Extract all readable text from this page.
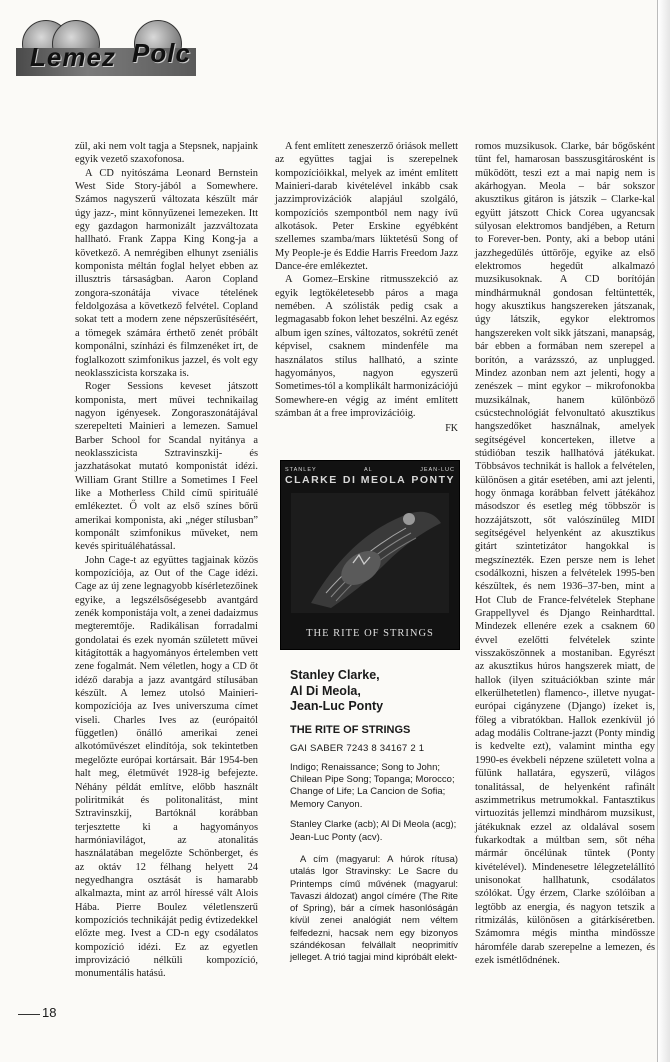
Lemez Polc

zül, aki nem volt tagja a Stepsnek, napjaink egyik vezető szaxofonosa.

A CD nyitószáma Leonard Bernstein West Side Story-jából a Somewhere. Számos nagyszerű változata készült már úgy jazz-, mint könnyűzenei lemezeken. Itt egy gazdagon harmonizált jazzváltozata hallható. Frank Zappa King Kong-ja a következő. A nemrégiben elhunyt zseniális komponista méltán foglal helyet ebben az illusztris társaságban. Aaron Copland zongora-szonátája vivace tételének feldolgozása a következő felvétel. Copland sokat tett a modern zene népszerűsítéséért, a tömegek számára érthető zenét próbált komponálni, színházi és filmzenéket írt, de foglalkozott szimfonikus jazzel, és volt egy neoklasszicista korszaka is.

Roger Sessions keveset játszott komponista, mert művei technikailag nagyon igényesek. Zongoraszonátájával szerepelteti Mainieri a lemezen. Samuel Barber School for Scandal nyitánya a neoklasszicista Sztravinszkij- és jazzhatásokat mutató komponistát idézi. William Grant Stillre a Sometimes I Feel like a Motherless Child című spirituálé emlékeztet. Ő volt az első színes bőrű amerikai komponista, aki „néger stílusban” komponált szimfonikus műveket, nem kevés spirituáléhatással.

John Cage-t az együttes tagjainak közös kompozíciója, az Out of the Cage idézi. Cage az új zene legnagyobb kísérletezőinek egyike, a legszélsőségesebb avantgárd zenék komponistája volt, a zenei dadaizmus megteremtője. Radikálisan forradalmi gondolatai és ezek nyomán született művei kitágították a hagyományos értelemben vett zene fogalmát. Nem véletlen, hogy a CD őt idéző darabja a jazz avantgárd stílusában készült. A lemez utolsó Mainieri-kompozíciója az Ives universzuma címet viseli. Charles Ives az (európaitól független) önálló amerikai zenei alkotóművészet elindítója, sok tekintetben megelőzte európai kortársait. Bár 1954-ben halt meg, életművét 1928-ig befejezte. Néhány példát említve, előbb használt poliritmikát és politonalitást, mint Sztravinszkij, Bartóknál korábban terjesztette ki a hagyományos harmóniavilágot, az atonalitás használatában megelőzte Schönberget, és az oktáv 12 félhang helyett 24 negyedhangra osztását is hamarabb alkalmazta, mint az arról híressé vált Alois Hába. Pierre Boulez véletlenszerű kompozíciós technikáját pedig évtizedekkel előzte meg. Ivest a CD-n egy csodálatos kompozíció idézi. Ez az egyetlen improvizáció nélküli kompozíció, monumentális hatású.

A fent említett zeneszerző óriások mellett az együttes tagjai is szerepelnek kompozícióikkal, melyek az imént említett Mainieri-darab kivételével inkább csak jazzimprovizációk alapjául szolgáló, kompozíciós szempontból nem nagy ívű alkotások. Peter Erskine egyébként szellemes szamba/mars lüktetésű Song of My People-je és Eddie Harris Freedom Jazz Dance-ére emlékeztet.

A Gomez–Erskine ritmusszekció az egyik legtökéletesebb páros a maga nemében. A szólisták pedig csak a legmagasabb fokon lehet beszélni. Az egész album igen színes, változatos, sokrétű zenét képvisel, csaknem mindenféle ma használatos stílus hallható, a szinte hagyományos, nagyon egyszerű Sometimes-tól a komplikált harmonizációjú Somewhere-en végig az imént említett számban át a free improvizációig.

FK
STANLEY	AL	JEAN-LUC
CLARKE DI MEOLA PONTY
THE RITE OF STRINGS
Stanley Clarke,
Al Di Meola,
Jean-Luc Ponty
THE RITE OF STRINGS
GAI SABER 7243 8 34167 2 1
Indigo; Renaissance; Song to John; Chilean Pipe Song; Topanga; Morocco; Change of Life; La Cancion de Sofia; Memory Canyon.
Stanley Clarke (acb); Al Di Meola (acg); Jean-Luc Ponty (acv).

A cím (magyarul: A húrok rítusa) utalás Igor Stravinsky: Le Sacre du Printemps című művének (magyarul: Tavaszi áldozat) angol címére (The Rite of Spring), bár a címek hasonlóságán kívül zenei analógiát nem véltem felfedezni, hacsak nem egy bizonyos szándékosan felvállalt neoprimitív jelleget. A trió tagjai mind kipróbált elekt-

romos muzsikusok. Clarke, bár bőgősként tűnt fel, hamarosan basszusgitárosként is működött, teszi ezt a mai napig nem is akárhogyan. Meola – bár sokszor akusztikus gitáron is játszik – Clarke-kal együtt játszott Chick Corea ugyancsak súlyosan elektromos bandjében, a Return to Forever-ben. Ponty, aki a bebop utáni jazzhegedűlés úttörője, egyike az első elektromos hegedűt alkalmazó muzsikusoknak. A CD borítóján mindhármuknál gondosan feltüntették, hogy akusztikus hangszereken játszanak, úgy látszik, egykor elektromos hangszereken volt sikk játszani, manapság, bár ebben a formában nem szerepel a borítón, a varázsszó, az unplugged. Mindez azonban nem azt jelenti, hogy a zenészek – mint egykor – mikrofonokba muzsikálnak, hanem különböző csúcstechnológiát felvonultató akusztikus hangszedőket használnak, amelyek segítségével koncerteken, illetve a stúdióban teszik hallhatóvá játékukat. Többsávos technikát is hallok a felvételen, különösen a gitár esetében, ami azt jelenti, hogy önmaga korábban felvett játékához másodszor és esetleg még többször is hozzájátszott, sőt valószínűleg MIDI segítségével helyenként az akusztikus gitárt szintetizátor hangokkal is megszínezték. Ezen persze nem is lehet csodálkozni, hiszen a felvételek 1995-ben készültek, és nem 1936–37-ben, mint a Hot Club de France-felvételek Stephane Grappellyvel és Django Reinhardttal. Mindezek ellenére ezek a csaknem 60 évvel ezelőtti felvételek szinte visszaköszönnek a mostaniban. Egyrészt az akusztikus húros hangszerek miatt, de hallok (ilyen szituációkban szinte már elkerülhetetlen) flamenco-, illetve nyugat-európai cigányzene (Django) ízeket is, főleg a vibratókban. Hallok ezenkívül jó adag modális Coltrane-jazzt (Ponty mindig is kedvelte ezt), valamint mintha egy 1990-es évekbeli népzene született volna a fülünk hallatára, egyszerű, világos tonalitással, de helyenként rafinált aszimmetrikus metrumokkal. Fantasztikus virtuozitás jellemzi mindhárom muzsikust, játékuknak ezzel az oldalával sosem fukarkodtak a múltban sem, sőt néha mármár öncélúnak tűntek (Ponty kivételével). Mindenesetre lélegzetelállító unisonokat hallhatunk, csodálatos szólókat. Úgy érzem, Clarke szólóiban a legtöbb az energia, és nagyon tetszik a ritmizálás, különösen a gitárkíséretben. Számomra mégis mintha mindössze háromféle darab szerepelne a lemezen, és ezek ismétlődnének.

18
